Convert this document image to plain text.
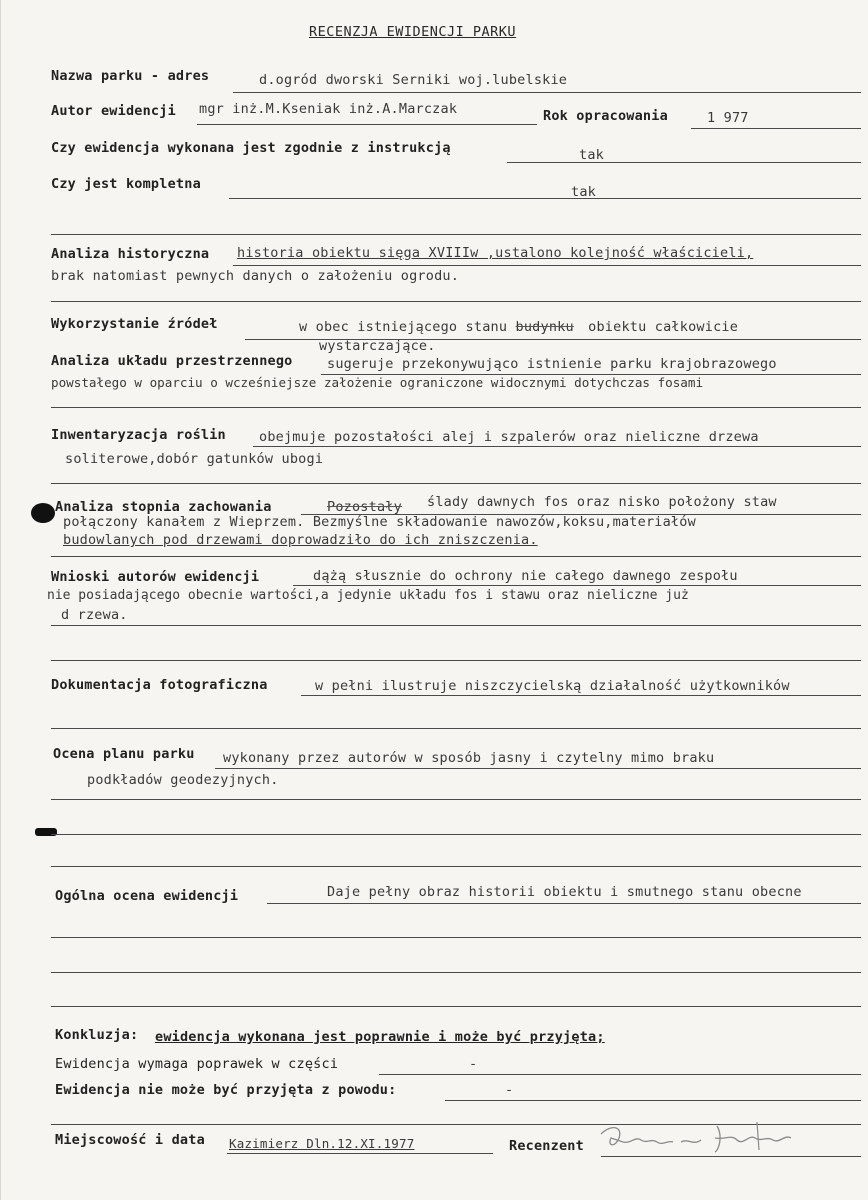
RECENZJA EWIDENCJI PARKU
Nazwa parku - adres	d.ogród dworski Serniki woj.lubelskie
Autor ewidencji mgr inż.M.Kseniak inż.A.Marczak	Rok opracowania	1 977
Czy ewidencja wykonana jest zgodnie z instrukcją	tak
Czy jest kompletna	tak
Analiza historyczna historia obiektu sięga XVIIIw ,ustalono kolejność właścicieli,
brak natomiast pewnych danych o założeniu ogrodu.
Wykorzystanie źródeł	w obec istniejącego stanu budynku obiektu całkowicie
wystarczające.
Analiza układu przestrzennego	sugeruje przekonywująco istnienie parku krajobrazowego
powstałego w oparciu o wcześniejsze założenie ograniczone widocznymi dotychczas fosami
Inwentaryzacja roślin obejmuje pozostałości alej i szpalerów oraz nieliczne drzewa
soliterowe,dobór gatunków ubogi
Analiza stopnia zachowania	Pozostały ślady dawnych fos oraz nisko położony staw
połączony kanałem z Wieprzem. Bezmyślne składowanie nawozów,koksu,materiałów
budowlanych pod drzewami doprowadziło do ich zniszczenia.
Wnioski autorów ewidencji	dążą słusznie do ochrony nie całego dawnego zespołu
nie posiadającego obecnie wartości,a jedynie układu fos i stawu oraz nieliczne już
d rzewa.
Dokumentacja fotograficzna	w pełni ilustruje niszczycielską działalność użytkowników
Ocena planu parku wykonany przez autorów w sposób jasny i czytelny mimo braku
podkładów geodezyjnych.
Ogólna ocena ewidencji	Daje pełny obraz historii obiektu i smutnego stanu obecne
Konkluzja: ewidencja wykonana jest poprawnie i może być przyjęta;
Ewidencja wymaga poprawek w części	-
Ewidencja nie może być przyjęta z powodu:	-
Miejscowość i data Kazimierz Dln.12.XI.1977	Recenzent
